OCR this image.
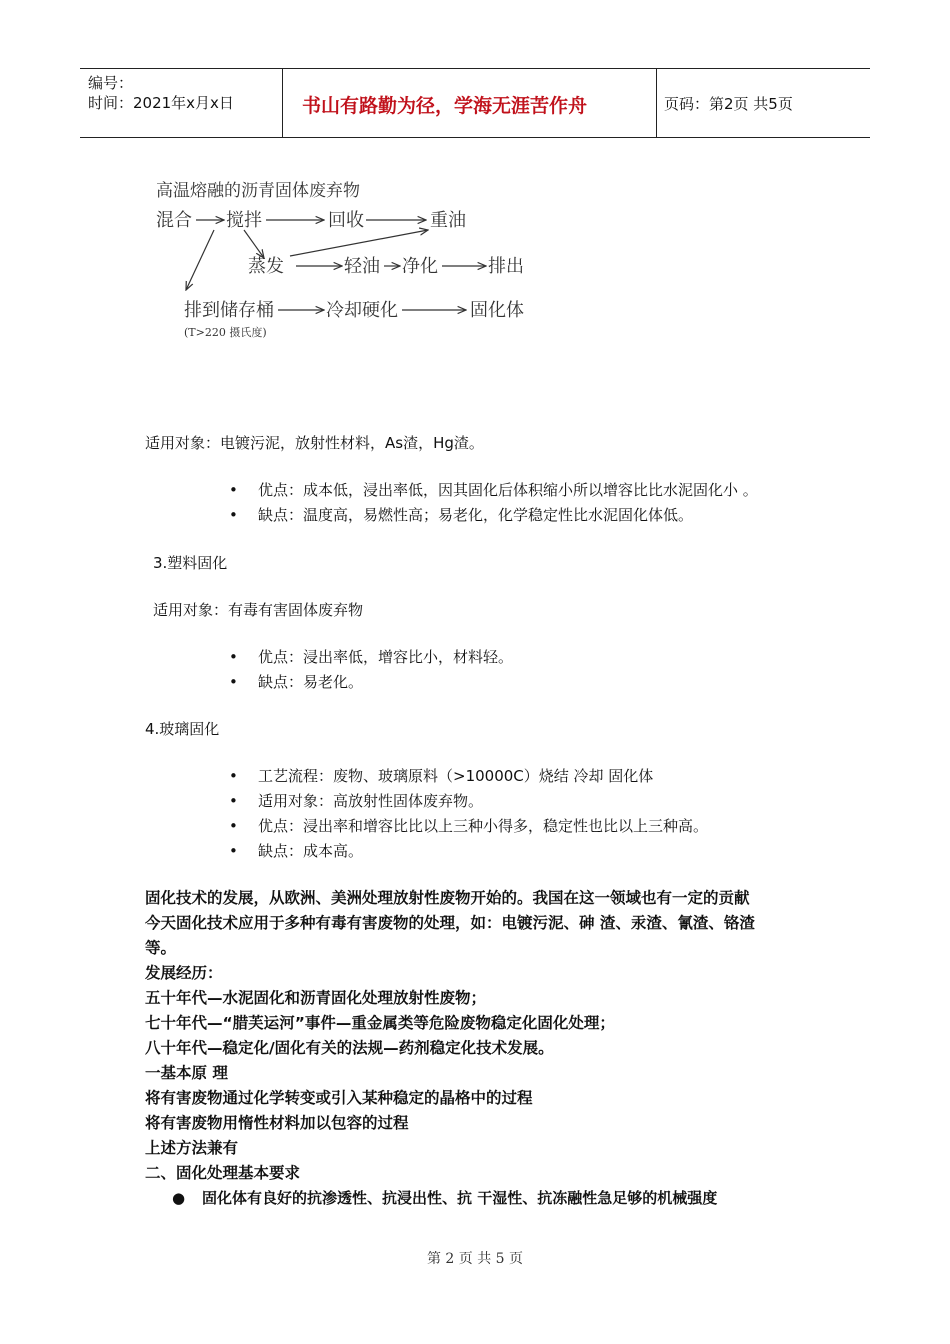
编号：
时间：2021年x月x日	书山有路勤为径，学海无涯苦作舟	页码：第2页 共5页
高温熔融的沥青固体废弃物
混合 搅拌	回收	重油
蒸发	轻油 净化	排出
排到储存桶	冷却硬化	固化体
(T>220 摄氏度)
适用对象：电镀污泥，放射性材料，As渣，Hg渣。
• 优点：成本低，浸出率低，因其固化后体积缩小所以增容比比水泥固化小 。
• 缺点：温度高，易燃性高；易老化，化学稳定性比水泥固化体低。
3.塑料固化
适用对象：有毒有害固体废弃物
• 优点：浸出率低，增容比小，材料轻。
• 缺点：易老化。
4.玻璃固化
• 工艺流程：废物、玻璃原料（>10000C）烧结 冷却 固化体
• 适用对象：高放射性固体废弃物。
• 优点：浸出率和增容比比以上三种小得多，稳定性也比以上三种高。
• 缺点：成本高。
固化技术的发展，从欧洲、美洲处理放射性废物开始的。我国在这一领域也有一定的贡献
今天固化技术应用于多种有毒有害废物的处理，如：电镀污泥、砷 渣、汞渣、氰渣、铬渣
等。
发展经历：
五十年代—水泥固化和沥青固化处理放射性废物；
七十年代—“腊芙运河”事件—重金属类等危险废物稳定化固化处理；
八十年代—稳定化/固化有关的法规—药剂稳定化技术发展。
一基本原 理
将有害废物通过化学转变或引入某种稳定的晶格中的过程
将有害废物用惰性材料加以包容的过程
上述方法兼有
二、固化处理基本要求
● 固化体有良好的抗渗透性、抗浸出性、抗 干湿性、抗冻融性急足够的机械强度
第 2 页 共 5 页
